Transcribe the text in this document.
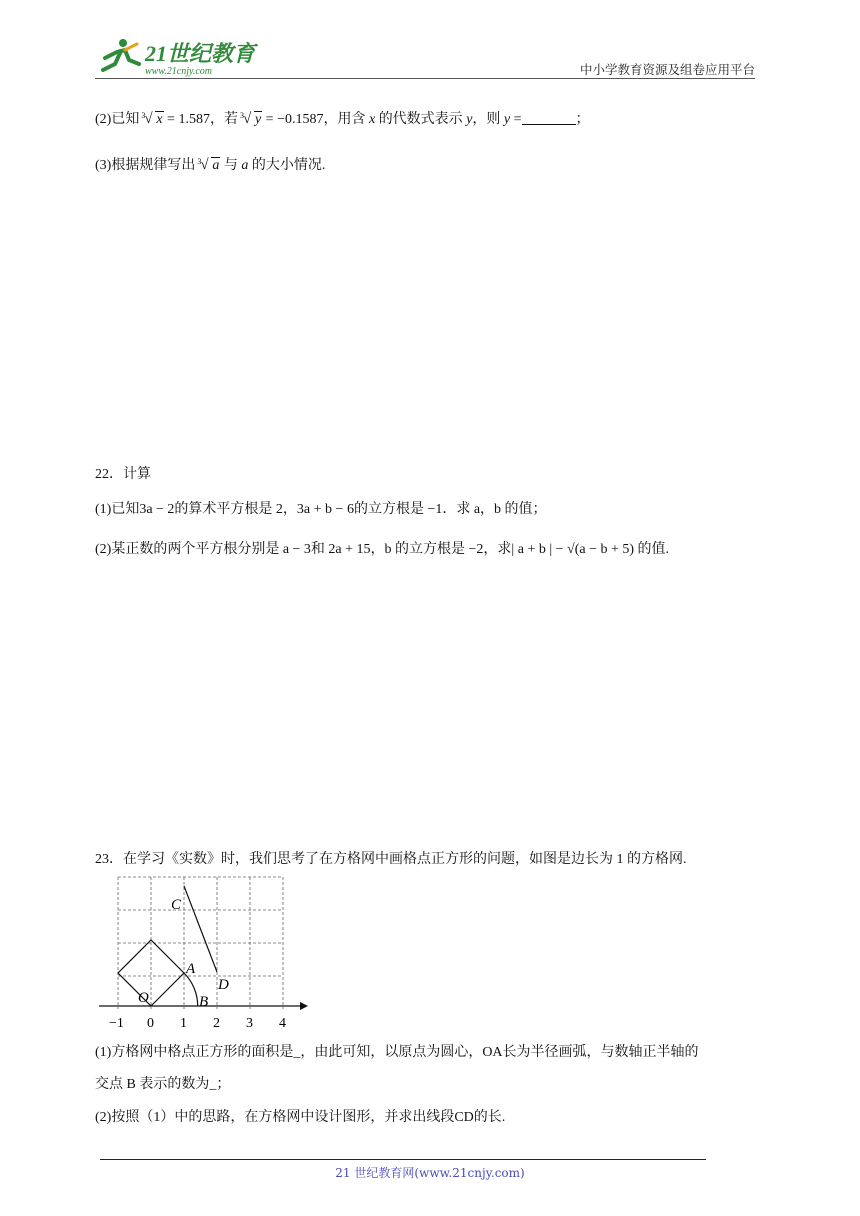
21世纪教育
www.21cnjy.com	中小学教育资源及组卷应用平台
(2)已知 3 √ x = 1.587，若 3 √ y = −0.1587，用含 x 的代数式表示 y，则 y =	；
(3)根据规律写出 3 √ a 与 a 的大小情况.
22．计算
(1)已知3a − 2的算术平方根是 2，3a + b − 6的立方根是 −1．求 a，b 的值；
(2)某正数的两个平方根分别是 a − 3和 2a + 15，b 的立方根是 −2，求| a + b | − √(a − b + 5) 的值.
23．在学习《实数》时，我们思考了在方格网中画格点正方形的问题，如图是边长为 1 的方格网.
C
A
D
O	B
−1 0 1 2 3 4
(1)方格网中格点正方形的面积是_，由此可知，以原点为圆心，OA长为半径画弧，与数轴正半轴的
交点 B 表示的数为_；
(2)按照（1）中的思路，在方格网中设计图形，并求出线段CD的长.
21 世纪教育网(www.21cnjy.com)
